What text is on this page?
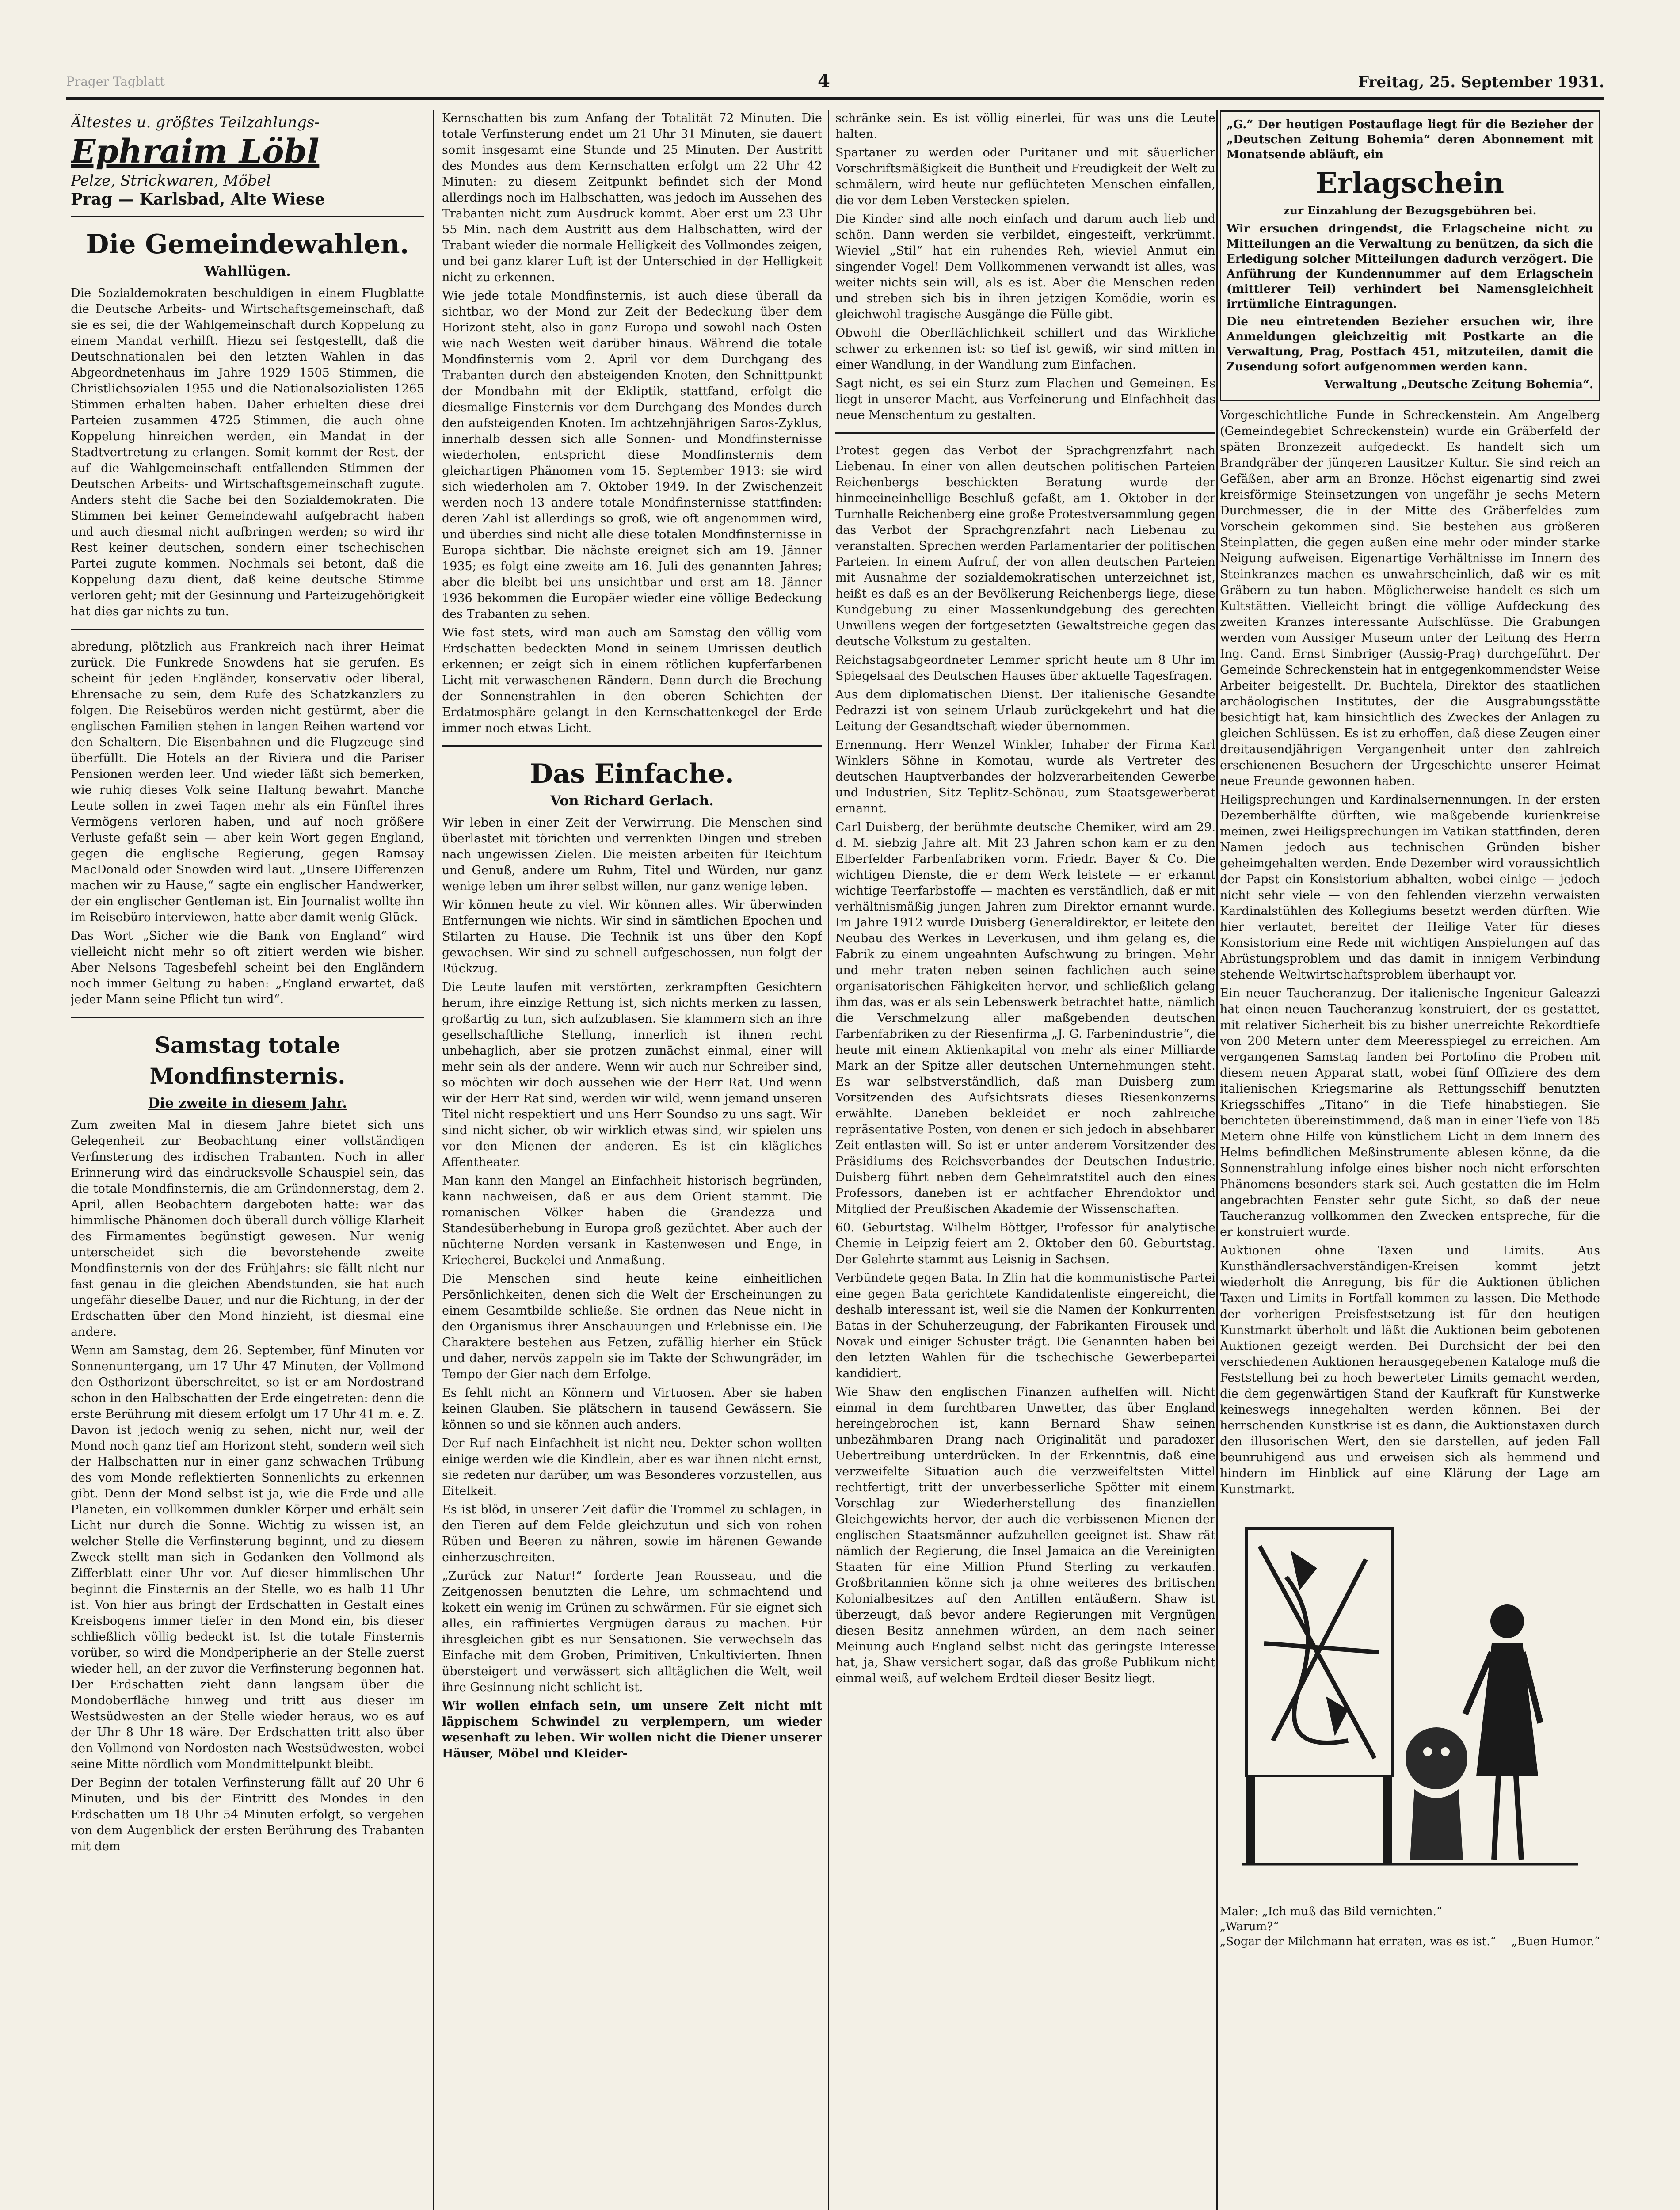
Prager Tagblatt	4	Freitag, 25. September 1931.
Ältestes u. größtes Teilzahlungs-
Ephraim Löbl
Pelze, Strickwaren, Möbel
Prag — Karlsbad, Alte Wiese
Die Gemeindewahlen.
Wahllügen.

Die Sozialdemokraten beschuldigen in einem Flugblatte die Deutsche Arbeits- und Wirtschaftsgemeinschaft, daß sie es sei, die der Wahlgemeinschaft durch Koppelung zu einem Mandat verhilft. Hiezu sei festgestellt, daß die Deutschnationalen bei den letzten Wahlen in das Abgeordnetenhaus im Jahre 1929 1505 Stimmen, die Christlichsozialen 1955 und die Nationalsozialisten 1265 Stimmen erhalten haben. Daher erhielten diese drei Parteien zusammen 4725 Stimmen, die auch ohne Koppelung hinreichen werden, ein Mandat in der Stadtvertretung zu erlangen. Somit kommt der Rest, der auf die Wahlgemeinschaft entfallenden Stimmen der Deutschen Arbeits- und Wirtschaftsgemeinschaft zugute. Anders steht die Sache bei den Sozialdemokraten. Die Stimmen bei keiner Gemeindewahl aufgebracht haben und auch diesmal nicht aufbringen werden; so wird ihr Rest keiner deutschen, sondern einer tschechischen Partei zugute kommen. Nochmals sei betont, daß die Koppelung dazu dient, daß keine deutsche Stimme verloren geht; mit der Gesinnung und Parteizugehörigkeit hat dies gar nichts zu tun.

abredung, plötzlich aus Frankreich nach ihrer Heimat zurück. Die Funkrede Snowdens hat sie gerufen. Es scheint für jeden Engländer, konservativ oder liberal, Ehrensache zu sein, dem Rufe des Schatzkanzlers zu folgen. Die Reisebüros werden nicht gestürmt, aber die englischen Familien stehen in langen Reihen wartend vor den Schaltern. Die Eisenbahnen und die Flugzeuge sind überfüllt. Die Hotels an der Riviera und die Pariser Pensionen werden leer. Und wieder läßt sich bemerken, wie ruhig dieses Volk seine Haltung bewahrt. Manche Leute sollen in zwei Tagen mehr als ein Fünftel ihres Vermögens verloren haben, und auf noch größere Verluste gefaßt sein — aber kein Wort gegen England, gegen die englische Regierung, gegen Ramsay MacDonald oder Snowden wird laut. „Unsere Differenzen machen wir zu Hause,“ sagte ein englischer Handwerker, der ein englischer Gentleman ist. Ein Journalist wollte ihn im Reisebüro interviewen, hatte aber damit wenig Glück.

Das Wort „Sicher wie die Bank von England“ wird vielleicht nicht mehr so oft zitiert werden wie bisher. Aber Nelsons Tagesbefehl scheint bei den Engländern noch immer Geltung zu haben: „England erwartet, daß jeder Mann seine Pflicht tun wird“.

Samstag totale Mondfinsternis.
Die zweite in diesem Jahr.

Zum zweiten Mal in diesem Jahre bietet sich uns Gelegenheit zur Beobachtung einer vollständigen Verfinsterung des irdischen Trabanten. Noch in aller Erinnerung wird das eindrucksvolle Schauspiel sein, das die totale Mondfinsternis, die am Gründonnerstag, dem 2. April, allen Beobachtern dargeboten hatte: war das himmlische Phänomen doch überall durch völlige Klarheit des Firmamentes begünstigt gewesen. Nur wenig unterscheidet sich die bevorstehende zweite Mondfinsternis von der des Frühjahrs: sie fällt nicht nur fast genau in die gleichen Abendstunden, sie hat auch ungefähr dieselbe Dauer, und nur die Richtung, in der der Erdschatten über den Mond hinzieht, ist diesmal eine andere.

Wenn am Samstag, dem 26. September, fünf Minuten vor Sonnenuntergang, um 17 Uhr 47 Minuten, der Vollmond den Osthorizont überschreitet, so ist er am Nordostrand schon in den Halbschatten der Erde eingetreten: denn die erste Berührung mit diesem erfolgt um 17 Uhr 41 m. e. Z. Davon ist jedoch wenig zu sehen, nicht nur, weil der Mond noch ganz tief am Horizont steht, sondern weil sich der Halbschatten nur in einer ganz schwachen Trübung des vom Monde reflektierten Sonnenlichts zu erkennen gibt. Denn der Mond selbst ist ja, wie die Erde und alle Planeten, ein vollkommen dunkler Körper und erhält sein Licht nur durch die Sonne. Wichtig zu wissen ist, an welcher Stelle die Verfinsterung beginnt, und zu diesem Zweck stellt man sich in Gedanken den Vollmond als Zifferblatt einer Uhr vor. Auf dieser himmlischen Uhr beginnt die Finsternis an der Stelle, wo es halb 11 Uhr ist. Von hier aus bringt der Erdschatten in Gestalt eines Kreisbogens immer tiefer in den Mond ein, bis dieser schließlich völlig bedeckt ist. Ist die totale Finsternis vorüber, so wird die Mondperipherie an der Stelle zuerst wieder hell, an der zuvor die Verfinsterung begonnen hat. Der Erdschatten zieht dann langsam über die Mondoberfläche hinweg und tritt aus dieser im Westsüdwesten an der Stelle wieder heraus, wo es auf der Uhr 8 Uhr 18 wäre. Der Erdschatten tritt also über den Vollmond von Nordosten nach Westsüdwesten, wobei seine Mitte nördlich vom Mondmittelpunkt bleibt.

Der Beginn der totalen Verfinsterung fällt auf 20 Uhr 6 Minuten, und bis der Eintritt des Mondes in den Erdschatten um 18 Uhr 54 Minuten erfolgt, so vergehen von dem Augenblick der ersten Berührung des Trabanten mit dem

Kernschatten bis zum Anfang der Totalität 72 Minuten. Die totale Verfinsterung endet um 21 Uhr 31 Minuten, sie dauert somit insgesamt eine Stunde und 25 Minuten. Der Austritt des Mondes aus dem Kernschatten erfolgt um 22 Uhr 42 Minuten: zu diesem Zeitpunkt befindet sich der Mond allerdings noch im Halbschatten, was jedoch im Aussehen des Trabanten nicht zum Ausdruck kommt. Aber erst um 23 Uhr 55 Min. nach dem Austritt aus dem Halbschatten, wird der Trabant wieder die normale Helligkeit des Vollmondes zeigen, und bei ganz klarer Luft ist der Unterschied in der Helligkeit nicht zu erkennen.

Wie jede totale Mondfinsternis, ist auch diese überall da sichtbar, wo der Mond zur Zeit der Bedeckung über dem Horizont steht, also in ganz Europa und sowohl nach Osten wie nach Westen weit darüber hinaus. Während die totale Mondfinsternis vom 2. April vor dem Durchgang des Trabanten durch den absteigenden Knoten, den Schnittpunkt der Mondbahn mit der Ekliptik, stattfand, erfolgt die diesmalige Finsternis vor dem Durchgang des Mondes durch den aufsteigenden Knoten. Im achtzehnjährigen Saros-Zyklus, innerhalb dessen sich alle Sonnen- und Mondfinsternisse wiederholen, entspricht diese Mondfinsternis dem gleichartigen Phänomen vom 15. September 1913: sie wird sich wiederholen am 7. Oktober 1949. In der Zwischenzeit werden noch 13 andere totale Mondfinsternisse stattfinden: deren Zahl ist allerdings so groß, wie oft angenommen wird, und überdies sind nicht alle diese totalen Mondfinsternisse in Europa sichtbar. Die nächste ereignet sich am 19. Jänner 1935; es folgt eine zweite am 16. Juli des genannten Jahres; aber die bleibt bei uns unsichtbar und erst am 18. Jänner 1936 bekommen die Europäer wieder eine völlige Bedeckung des Trabanten zu sehen.

Wie fast stets, wird man auch am Samstag den völlig vom Erdschatten bedeckten Mond in seinem Umrissen deutlich erkennen; er zeigt sich in einem rötlichen kupferfarbenen Licht mit verwaschenen Rändern. Denn durch die Brechung der Sonnenstrahlen in den oberen Schichten der Erdatmosphäre gelangt in den Kernschattenkegel der Erde immer noch etwas Licht.

Das Einfache.
Von Richard Gerlach.

Wir leben in einer Zeit der Verwirrung. Die Menschen sind überlastet mit törichten und verrenkten Dingen und streben nach ungewissen Zielen. Die meisten arbeiten für Reichtum und Genuß, andere um Ruhm, Titel und Würden, nur ganz wenige leben um ihrer selbst willen, nur ganz wenige leben.

Wir können heute zu viel. Wir können alles. Wir überwinden Entfernungen wie nichts. Wir sind in sämtlichen Epochen und Stilarten zu Hause. Die Technik ist uns über den Kopf gewachsen. Wir sind zu schnell aufgeschossen, nun folgt der Rückzug.

Die Leute laufen mit verstörten, zerkrampften Gesichtern herum, ihre einzige Rettung ist, sich nichts merken zu lassen, großartig zu tun, sich aufzublasen. Sie klammern sich an ihre gesellschaftliche Stellung, innerlich ist ihnen recht unbehaglich, aber sie protzen zunächst einmal, einer will mehr sein als der andere. Wenn wir auch nur Schreiber sind, so möchten wir doch aussehen wie der Herr Rat. Und wenn wir der Herr Rat sind, werden wir wild, wenn jemand unseren Titel nicht respektiert und uns Herr Soundso zu uns sagt. Wir sind nicht sicher, ob wir wirklich etwas sind, wir spielen uns vor den Mienen der anderen. Es ist ein klägliches Affentheater.

Man kann den Mangel an Einfachheit historisch begründen, kann nachweisen, daß er aus dem Orient stammt. Die romanischen Völker haben die Grandezza und Standesüberhebung in Europa groß gezüchtet. Aber auch der nüchterne Norden versank in Kastenwesen und Enge, in Kriecherei, Buckelei und Anmaßung.

Die Menschen sind heute keine einheitlichen Persönlichkeiten, denen sich die Welt der Erscheinungen zu einem Gesamtbilde schließe. Sie ordnen das Neue nicht in den Organismus ihrer Anschauungen und Erlebnisse ein. Die Charaktere bestehen aus Fetzen, zufällig hierher ein Stück und daher, nervös zappeln sie im Takte der Schwungräder, im Tempo der Gier nach dem Erfolge.

Es fehlt nicht an Könnern und Virtuosen. Aber sie haben keinen Glauben. Sie plätschern in tausend Gewässern. Sie können so und sie können auch anders.

Der Ruf nach Einfachheit ist nicht neu. Dekter schon wollten einige werden wie die Kindlein, aber es war ihnen nicht ernst, sie redeten nur darüber, um was Besonderes vorzustellen, aus Eitelkeit.

Es ist blöd, in unserer Zeit dafür die Trommel zu schlagen, in den Tieren auf dem Felde gleichzutun und sich von rohen Rüben und Beeren zu nähren, sowie im härenen Gewande einherzuschreiten.

„Zurück zur Natur!“ forderte Jean Rousseau, und die Zeitgenossen benutzten die Lehre, um schmachtend und kokett ein wenig im Grünen zu schwärmen. Für sie eignet sich alles, ein raffiniertes Vergnügen daraus zu machen. Für ihresgleichen gibt es nur Sensationen. Sie verwechseln das Einfache mit dem Groben, Primitiven, Unkultivierten. Ihnen übersteigert und verwässert sich alltäglichen die Welt, weil ihre Gesinnung nicht schlicht ist.

Wir wollen einfach sein, um unsere Zeit nicht mit läppischem Schwindel zu verplempern, um wieder wesenhaft zu leben. Wir wollen nicht die Diener unserer Häuser, Möbel und Kleider-

schränke sein. Es ist völlig einerlei, für was uns die Leute halten.

Spartaner zu werden oder Puritaner und mit säuerlicher Vorschriftsmäßigkeit die Buntheit und Freudigkeit der Welt zu schmälern, wird heute nur geflüchteten Menschen einfallen, die vor dem Leben Verstecken spielen.

Die Kinder sind alle noch einfach und darum auch lieb und schön. Dann werden sie verbildet, eingesteift, verkrümmt. Wieviel „Stil“ hat ein ruhendes Reh, wieviel Anmut ein singender Vogel! Dem Vollkommenen verwandt ist alles, was weiter nichts sein will, als es ist. Aber die Menschen reden und streben sich bis in ihren jetzigen Komödie, worin es gleichwohl tragische Ausgänge die Fülle gibt.

Obwohl die Oberflächlichkeit schillert und das Wirkliche schwer zu erkennen ist: so tief ist gewiß, wir sind mitten in einer Wandlung, in der Wandlung zum Einfachen.

Sagt nicht, es sei ein Sturz zum Flachen und Gemeinen. Es liegt in unserer Macht, aus Verfeinerung und Einfachheit das neue Menschentum zu gestalten.

Protest gegen das Verbot der Sprachgrenzfahrt nach Liebenau. In einer von allen deutschen politischen Parteien Reichenbergs beschickten Beratung wurde der hinmeeineinhellige Beschluß gefaßt, am 1. Oktober in der Turnhalle Reichenberg eine große Protestversammlung gegen das Verbot der Sprachgrenzfahrt nach Liebenau zu veranstalten. Sprechen werden Parlamentarier der politischen Parteien. In einem Aufruf, der von allen deutschen Parteien mit Ausnahme der sozialdemokratischen unterzeichnet ist, heißt es daß es an der Bevölkerung Reichenbergs liege, diese Kundgebung zu einer Massenkundgebung des gerechten Unwillens wegen der fortgesetzten Gewaltstreiche gegen das deutsche Volkstum zu gestalten.

Reichstagsabgeordneter Lemmer spricht heute um 8 Uhr im Spiegelsaal des Deutschen Hauses über aktuelle Tagesfragen.

Aus dem diplomatischen Dienst. Der italienische Gesandte Pedrazzi ist von seinem Urlaub zurückgekehrt und hat die Leitung der Gesandtschaft wieder übernommen.

Ernennung. Herr Wenzel Winkler, Inhaber der Firma Karl Winklers Söhne in Komotau, wurde als Vertreter des deutschen Hauptverbandes der holzverarbeitenden Gewerbe und Industrien, Sitz Teplitz-Schönau, zum Staatsgewerberat ernannt.

Carl Duisberg, der berühmte deutsche Chemiker, wird am 29. d. M. siebzig Jahre alt. Mit 23 Jahren schon kam er zu den Elberfelder Farbenfabriken vorm. Friedr. Bayer & Co. Die wichtigen Dienste, die er dem Werk leistete — er erkannt wichtige Teerfarbstoffe — machten es verständlich, daß er mit verhältnismäßig jungen Jahren zum Direktor ernannt wurde. Im Jahre 1912 wurde Duisberg Generaldirektor, er leitete den Neubau des Werkes in Leverkusen, und ihm gelang es, die Fabrik zu einem ungeahnten Aufschwung zu bringen. Mehr und mehr traten neben seinen fachlichen auch seine organisatorischen Fähigkeiten hervor, und schließlich gelang ihm das, was er als sein Lebenswerk betrachtet hatte, nämlich die Verschmelzung aller maßgebenden deutschen Farbenfabriken zu der Riesenfirma „J. G. Farbenindustrie“, die heute mit einem Aktienkapital von mehr als einer Milliarde Mark an der Spitze aller deutschen Unternehmungen steht. Es war selbstverständlich, daß man Duisberg zum Vorsitzenden des Aufsichtsrats dieses Riesenkonzerns erwählte. Daneben bekleidet er noch zahlreiche repräsentative Posten, von denen er sich jedoch in absehbarer Zeit entlasten will. So ist er unter anderem Vorsitzender des Präsidiums des Reichsverbandes der Deutschen Industrie. Duisberg führt neben dem Geheimratstitel auch den eines Professors, daneben ist er achtfacher Ehrendoktor und Mitglied der Preußischen Akademie der Wissenschaften.

60. Geburtstag. Wilhelm Böttger, Professor für analytische Chemie in Leipzig feiert am 2. Oktober den 60. Geburtstag. Der Gelehrte stammt aus Leisnig in Sachsen.

Verbündete gegen Bata. In Zlin hat die kommunistische Partei eine gegen Bata gerichtete Kandidatenliste eingereicht, die deshalb interessant ist, weil sie die Namen der Konkurrenten Batas in der Schuherzeugung, der Fabrikanten Firousek und Novak und einiger Schuster trägt. Die Genannten haben bei den letzten Wahlen für die tschechische Gewerbepartei kandidiert.

Wie Shaw den englischen Finanzen aufhelfen will. Nicht einmal in dem furchtbaren Unwetter, das über England hereingebrochen ist, kann Bernard Shaw seinen unbezähmbaren Drang nach Originalität und paradoxer Uebertreibung unterdrücken. In der Erkenntnis, daß eine verzweifelte Situation auch die verzweifeltsten Mittel rechtfertigt, tritt der unverbesserliche Spötter mit einem Vorschlag zur Wiederherstellung des finanziellen Gleichgewichts hervor, der auch die verbissenen Mienen der englischen Staatsmänner aufzuhellen geeignet ist. Shaw rät nämlich der Regierung, die Insel Jamaica an die Vereinigten Staaten für eine Million Pfund Sterling zu verkaufen. Großbritannien könne sich ja ohne weiteres des britischen Kolonialbesitzes auf den Antillen entäußern. Shaw ist überzeugt, daß bevor andere Regierungen mit Vergnügen diesen Besitz annehmen würden, an dem nach seiner Meinung auch England selbst nicht das geringste Interesse hat, ja, Shaw versichert sogar, daß das große Publikum nicht einmal weiß, auf welchem Erdteil dieser Besitz liegt.

„G.“ Der heutigen Postauflage liegt für die Bezieher der „Deutschen Zeitung Bohemia“ deren Abonnement mit Monatsende abläuft, ein

Erlagschein
zur Einzahlung der Bezugsgebühren bei.

Wir ersuchen dringendst, die Erlagscheine nicht zu Mitteilungen an die Verwaltung zu benützen, da sich die Erledigung solcher Mitteilungen dadurch verzögert. Die Anführung der Kundennummer auf dem Erlagschein (mittlerer Teil) verhindert bei Namensgleichheit irrtümliche Eintragungen.

Die neu eintretenden Bezieher ersuchen wir, ihre Anmeldungen gleichzeitig mit Postkarte an die Verwaltung, Prag, Postfach 451, mitzuteilen, damit die Zusendung sofort aufgenommen werden kann.

Verwaltung „Deutsche Zeitung Bohemia“.

Vorgeschichtliche Funde in Schreckenstein. Am Angelberg (Gemeindegebiet Schreckenstein) wurde ein Gräberfeld der späten Bronzezeit aufgedeckt. Es handelt sich um Brandgräber der jüngeren Lausitzer Kultur. Sie sind reich an Gefäßen, aber arm an Bronze. Höchst eigenartig sind zwei kreisförmige Steinsetzungen von ungefähr je sechs Metern Durchmesser, die in der Mitte des Gräberfeldes zum Vorschein gekommen sind. Sie bestehen aus größeren Steinplatten, die gegen außen eine mehr oder minder starke Neigung aufweisen. Eigenartige Verhältnisse im Innern des Steinkranzes machen es unwahrscheinlich, daß wir es mit Gräbern zu tun haben. Möglicherweise handelt es sich um Kultstätten. Vielleicht bringt die völlige Aufdeckung des zweiten Kranzes interessante Aufschlüsse. Die Grabungen werden vom Aussiger Museum unter der Leitung des Herrn Ing. Cand. Ernst Simbriger (Aussig-Prag) durchgeführt. Der Gemeinde Schreckenstein hat in entgegenkommendster Weise Arbeiter beigestellt. Dr. Buchtela, Direktor des staatlichen archäologischen Institutes, der die Ausgrabungsstätte besichtigt hat, kam hinsichtlich des Zweckes der Anlagen zu gleichen Schlüssen. Es ist zu erhoffen, daß diese Zeugen einer dreitausendjährigen Vergangenheit unter den zahlreich erschienenen Besuchern der Urgeschichte unserer Heimat neue Freunde gewonnen haben.

Heiligsprechungen und Kardinalsernennungen. In der ersten Dezemberhälfte dürften, wie maßgebende kurienkreise meinen, zwei Heiligsprechungen im Vatikan stattfinden, deren Namen jedoch aus technischen Gründen bisher geheimgehalten werden. Ende Dezember wird voraussichtlich der Papst ein Konsistorium abhalten, wobei einige — jedoch nicht sehr viele — von den fehlenden vierzehn verwaisten Kardinalstühlen des Kollegiums besetzt werden dürften. Wie hier verlautet, bereitet der Heilige Vater für dieses Konsistorium eine Rede mit wichtigen Anspielungen auf das Abrüstungsproblem und das damit in innigem Verbindung stehende Weltwirtschaftsproblem überhaupt vor.

Ein neuer Taucheranzug. Der italienische Ingenieur Galeazzi hat einen neuen Taucheranzug konstruiert, der es gestattet, mit relativer Sicherheit bis zu bisher unerreichte Rekordtiefe von 200 Metern unter dem Meeresspiegel zu erreichen. Am vergangenen Samstag fanden bei Portofino die Proben mit diesem neuen Apparat statt, wobei fünf Offiziere des dem italienischen Kriegsmarine als Rettungsschiff benutzten Kriegsschiffes „Titano“ in die Tiefe hinabstiegen. Sie berichteten übereinstimmend, daß man in einer Tiefe von 185 Metern ohne Hilfe von künstlichem Licht in dem Innern des Helms befindlichen Meßinstrumente ablesen könne, da die Sonnenstrahlung infolge eines bisher noch nicht erforschten Phänomens besonders stark sei. Auch gestatten die im Helm angebrachten Fenster sehr gute Sicht, so daß der neue Taucheranzug vollkommen den Zwecken entspreche, für die er konstruiert wurde.

Auktionen ohne Taxen und Limits. Aus Kunsthändlersachverständigen-Kreisen kommt jetzt wiederholt die Anregung, bis für die Auktionen üblichen Taxen und Limits in Fortfall kommen zu lassen. Die Methode der vorherigen Preisfestsetzung ist für den heutigen Kunstmarkt überholt und läßt die Auktionen beim gebotenen Auktionen gezeigt werden. Bei Durchsicht der bei den verschiedenen Auktionen herausgegebenen Kataloge muß die Feststellung bei zu hoch bewerteter Limits gemacht werden, die dem gegenwärtigen Stand der Kaufkraft für Kunstwerke keineswegs innegehalten werden können. Bei der herrschenden Kunstkrise ist es dann, die Auktionstaxen durch den illusorischen Wert, den sie darstellen, auf jeden Fall beunruhigend aus und erweisen sich als hemmend und hindern im Hinblick auf eine Klärung der Lage am Kunstmarkt.

Maler: „Ich muß das Bild vernichten.“
„Warum?“
„Sogar der Milchmann hat erraten, was es ist.“ „Buen Humor.“
